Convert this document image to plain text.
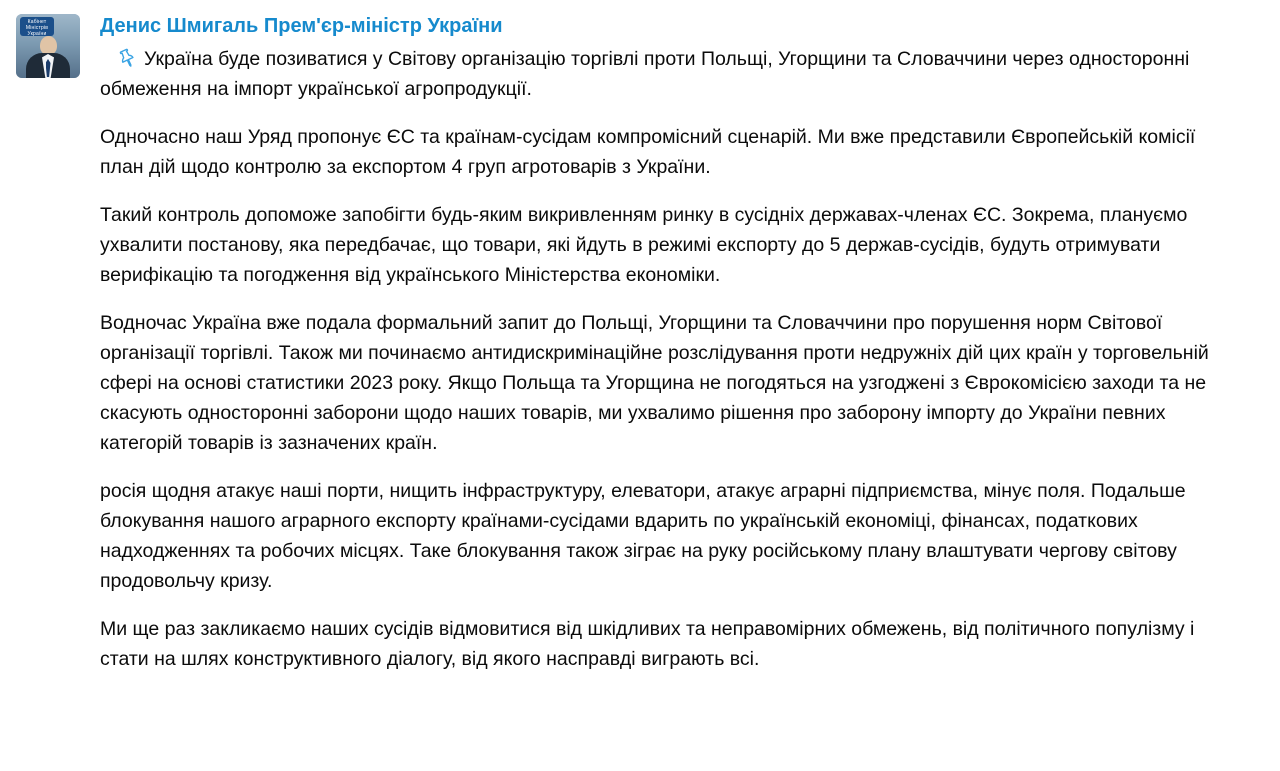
Кабінет
Міністрів
України	Денис Шмигаль Прем'єр-міністр України

Україна буде позиватися у Світову організацію торгівлі проти Польщі, Угорщини та Словаччини через односторонні обмеження на імпорт української агропродукції.

Одночасно наш Уряд пропонує ЄС та країнам-сусідам компромісний сценарій. Ми вже представили Європейській комісії план дій щодо контролю за експортом 4 груп агротоварів з України.

Такий контроль допоможе запобігти будь-яким викривленням ринку в сусідніх державах-членах ЄС. Зокрема, плануємо ухвалити постанову, яка передбачає, що товари, які йдуть в режимі експорту до 5 держав-сусідів, будуть отримувати верифікацію та погодження від українського Міністерства економіки.

Водночас Україна вже подала формальний запит до Польщі, Угорщини та Словаччини про порушення норм Світової організації торгівлі. Також ми починаємо антидискримінаційне розслідування проти недружніх дій цих країн у торговельній сфері на основі статистики 2023 року. Якщо Польща та Угорщина не погодяться на узгоджені з Єврокомісією заходи та не скасують односторонні заборони щодо наших товарів, ми ухвалимо рішення про заборону імпорту до України певних категорій товарів із зазначених країн.

росія щодня атакує наші порти, нищить інфраструктуру, елеватори, атакує аграрні підприємства, мінує поля. Подальше блокування нашого аграрного експорту країнами-сусідами вдарить по українській економіці, фінансах, податкових надходженнях та робочих місцях. Таке блокування також зіграє на руку російському плану влаштувати чергову світову продовольчу кризу.

Ми ще раз закликаємо наших сусідів відмовитися від шкідливих та неправомірних обмежень, від політичного популізму і стати на шлях конструктивного діалогу, від якого насправді виграють всі.
